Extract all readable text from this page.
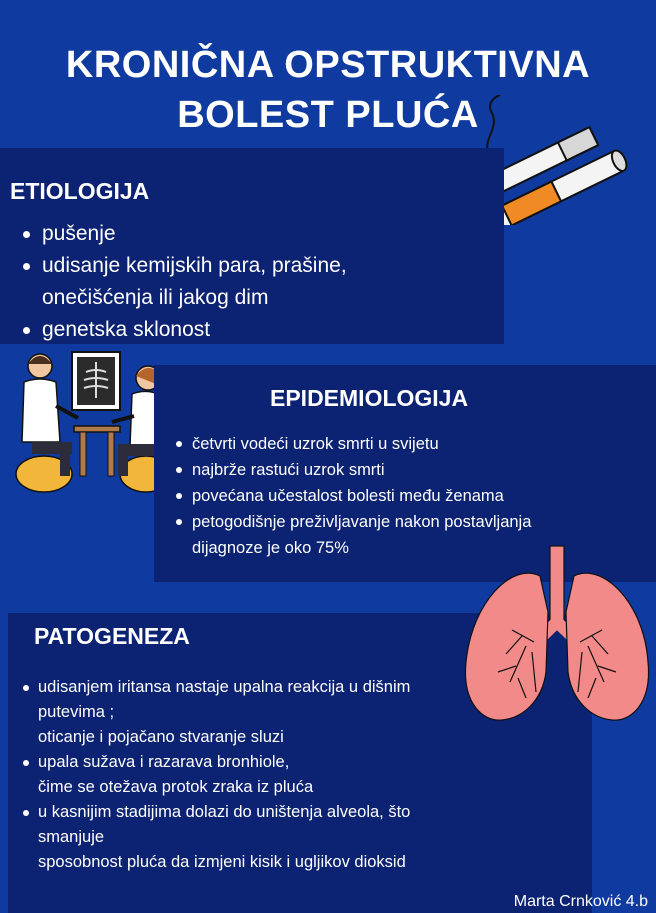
KRONIČNA OPSTRUKTIVNA
BOLEST PLUĆA
ETIOLOGIJA
pušenje
udisanje kemijskih para, prašine,
onečišćenja ili jakog dim
genetska sklonost
EPIDEMIOLOGIJA
četvrti vodeći uzrok smrti u svijetu
najbrže rastući uzrok smrti
povećana učestalost bolesti među ženama
petogodišnje preživljavanje nakon postavljanja
dijagnoze je oko 75%
PATOGENEZA
udisanjem iritansa nastaje upalna reakcija u dišnim
putevima ;
oticanje i pojačano stvaranje sluzi
upala sužava i razarava bronhiole,
čime se otežava protok zraka iz pluća
u kasnijim stadijima dolazi do uništenja alveola, što
smanjuje
sposobnost pluća da izmjeni kisik i ugljikov dioksid
Marta Crnković 4.b
